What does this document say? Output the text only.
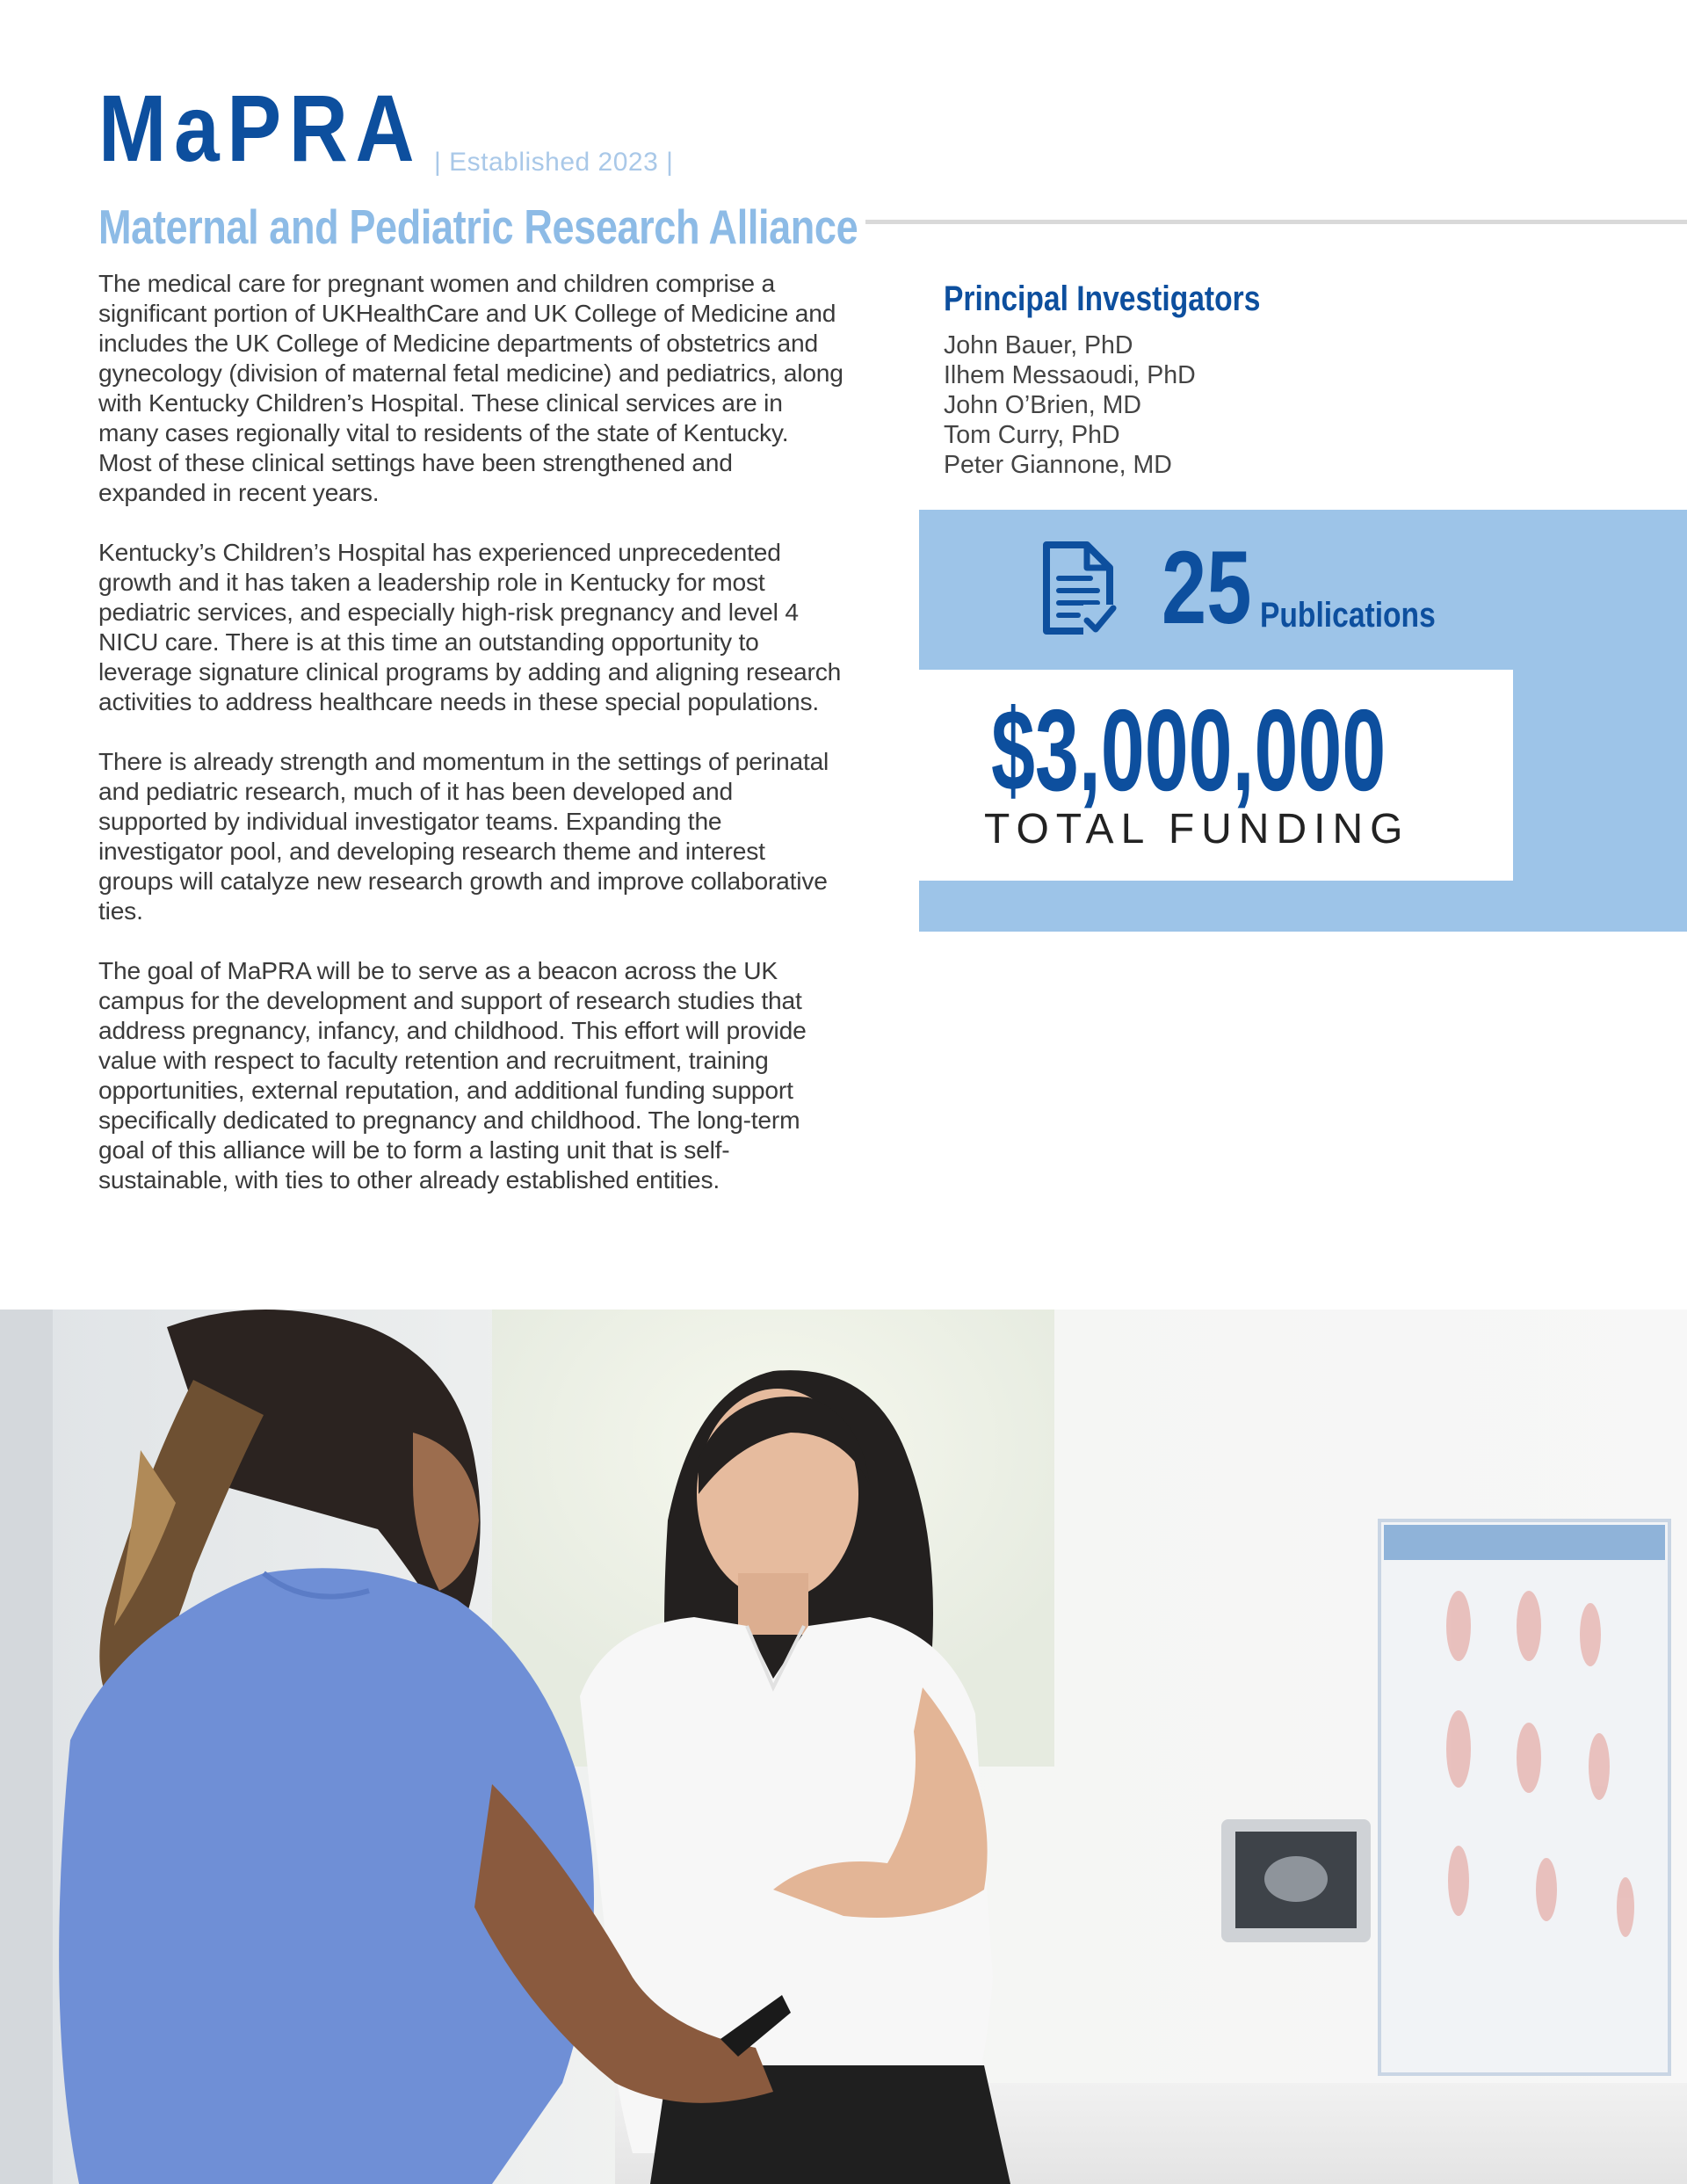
MaPRA | Established 2023 |
Maternal and Pediatric Research Alliance

The medical care for pregnant women and children comprise a significant portion of UKHealthCare and UK College of Medicine and includes the UK College of Medicine departments of obstetrics and gynecology (division of maternal fetal medicine) and pediatrics, along with Kentucky Children’s Hospital. These clinical services are in many cases regionally vital to residents of the state of Kentucky. Most of these clinical settings have been strengthened and expanded in recent years.

Kentucky’s Children’s Hospital has experienced unprecedented growth and it has taken a leadership role in Kentucky for most pediatric services, and especially high-risk pregnancy and level 4 NICU care. There is at this time an outstanding opportunity to leverage signature clinical programs by adding and aligning research activities to address healthcare needs in these special populations.

There is already strength and momentum in the settings of perinatal and pediatric research, much of it has been developed and supported by individual investigator teams. Expanding the investigator pool, and developing research theme and interest groups will catalyze new research growth and improve collaborative ties.

The goal of MaPRA will be to serve as a beacon across the UK campus for the development and support of research studies that address pregnancy, infancy, and childhood. This effort will provide value with respect to faculty retention and recruitment, training opportunities, external reputation, and additional funding support specifically dedicated to pregnancy and childhood. The long-term goal of this alliance will be to form a lasting unit that is self-sustainable, with ties to other already established entities.

Principal Investigators
John Bauer, PhD
Ilhem Messaoudi, PhD
John O’Brien, MD
Tom Curry, PhD
Peter Giannone, MD
25 Publications
$3,000,000
TOTAL FUNDING
